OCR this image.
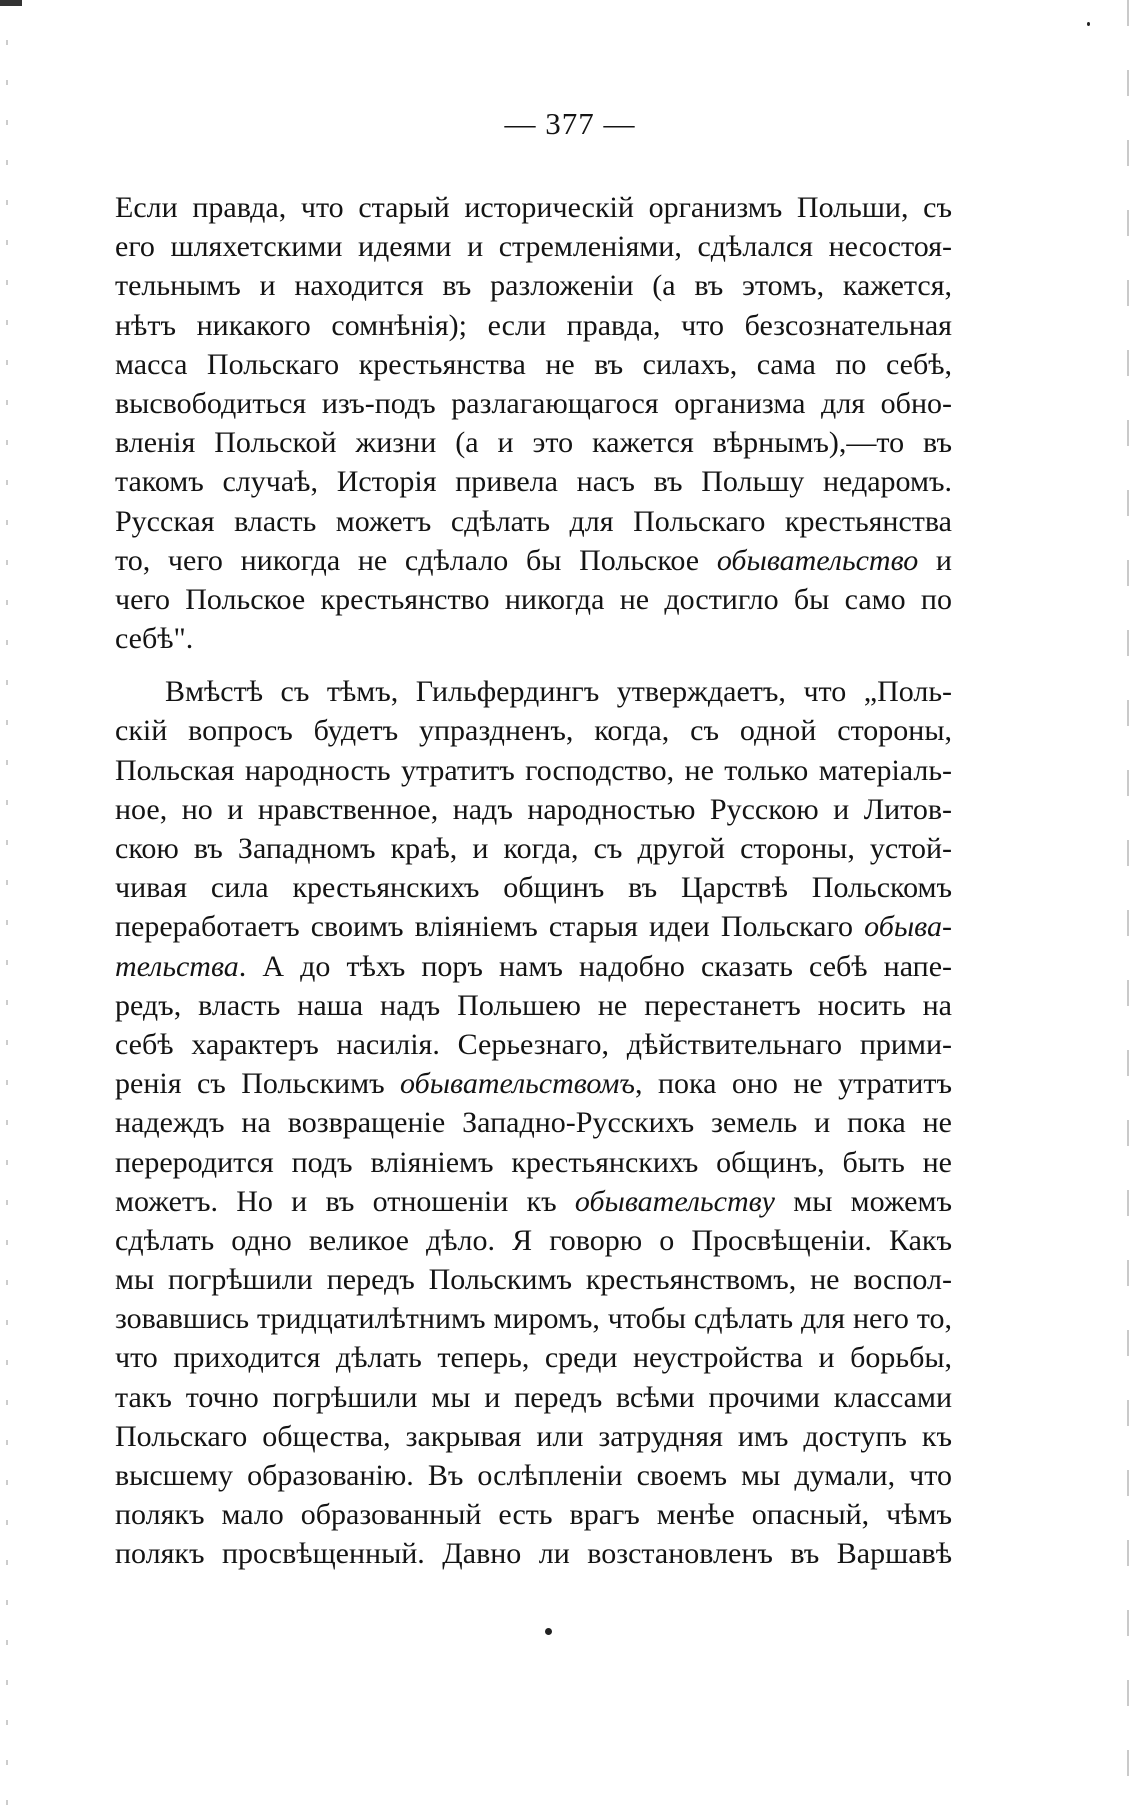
— 377 —
Если правда, что старый историческій организмъ Польши, съ
его шляхетскими идеями и стремленіями, сдѣлался несостоя-
тельнымъ и находится въ разложеніи (а въ этомъ, кажется,
нѣтъ никакого сомнѣнія); если правда, что безсознательная
масса Польскаго крестьянства не въ силахъ, сама по себѣ,
высвободиться изъ-подъ разлагающагося организма для обно-
вленія Польской жизни (а и это кажется вѣрнымъ),—то въ
такомъ случаѣ, Исторія привела насъ въ Польшу недаромъ.
Русская власть можетъ сдѣлать для Польскаго крестьянства
то, чего никогда не сдѣлало бы Польское обывательство и
чего Польское крестьянство никогда не достигло бы само по
себѣ".
Вмѣстѣ съ тѣмъ, Гильфердингъ утверждаетъ, что „Поль-
скій вопросъ будетъ упраздненъ, когда, съ одной стороны,
Польская народность утратитъ господство, не только матеріаль-
ное, но и нравственное, надъ народностью Русскою и Литов-
скою въ Западномъ краѣ, и когда, съ другой стороны, устой-
чивая сила крестьянскихъ общинъ въ Царствѣ Польскомъ
переработаетъ своимъ вліяніемъ старыя идеи Польскаго обыва-
тельства. А до тѣхъ поръ намъ надобно сказать себѣ напе-
редъ, власть наша надъ Польшею не перестанетъ носить на
себѣ характеръ насилія. Серьезнаго, дѣйствительнаго прими-
ренія съ Польскимъ обывательствомъ, пока оно не утратитъ
надеждъ на возвращеніе Западно-Русскихъ земель и пока не
переродится подъ вліяніемъ крестьянскихъ общинъ, быть не
можетъ. Но и въ отношеніи къ обывательству мы можемъ
сдѣлать одно великое дѣло. Я говорю о Просвѣщеніи. Какъ
мы погрѣшили передъ Польскимъ крестьянствомъ, не воспол-
зовавшись тридцатилѣтнимъ миромъ, чтобы сдѣлать для него то,
что приходится дѣлать теперь, среди неустройства и борьбы,
такъ точно погрѣшили мы и передъ всѣми прочими классами
Польскаго общества, закрывая или затрудняя имъ доступъ къ
высшему образованію. Въ ослѣпленіи своемъ мы думали, что
полякъ мало образованный есть врагъ менѣе опасный, чѣмъ
полякъ просвѣщенный. Давно ли возстановленъ въ Варшавѣ
